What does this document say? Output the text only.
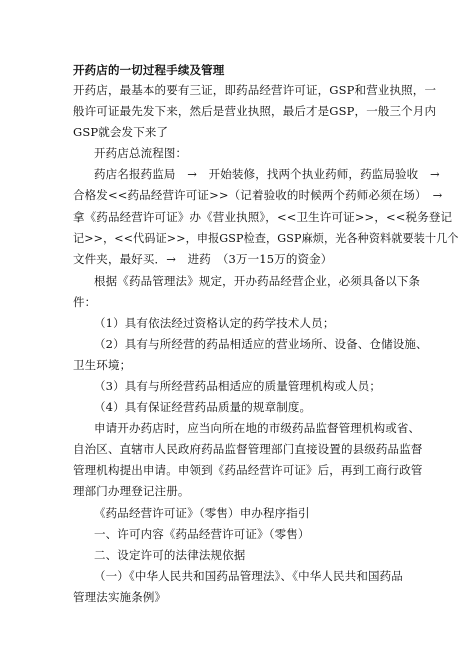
开药店的一切过程手续及管理
开药店，最基本的要有三证，即药品经营许可证，GSP和营业执照，一
般许可证最先发下来，然后是营业执照，最后才是GSP，一般三个月内
GSP就会发下来了
开药店总流程图：
药店名报药监局　→　开始装修，找两个执业药师，药监局验收　→
合格发<<药品经营许可证>>（记着验收的时候两个药师必须在场）　→
拿《药品经营许可证》办《营业执照》，<<卫生许可证>>，<<税务登记
记>>，<<代码证>>，申报GSP检查，GSP麻烦，光各种资料就要装十几个
文件夹，最好买．→　进药　（3万一15万的资金）
根据《药品管理法》规定，开办药品经营企业，必须具备以下条
件：
（1）具有依法经过资格认定的药学技术人员；
（2）具有与所经营的药品相适应的营业场所、设备、仓储设施、
卫生环境；
（3）具有与所经营药品相适应的质量管理机构或人员；
（4）具有保证经营药品质量的规章制度。
申请开办药店时，应当向所在地的市级药品监督管理机构或省、
自治区、直辖市人民政府药品监督管理部门直接设置的县级药品监督
管理机构提出申请。申领到《药品经营许可证》后，再到工商行政管
理部门办理登记注册。
《药品经营许可证》（零售）申办程序指引
一、许可内容《药品经营许可证》（零售）
二、设定许可的法律法规依据
（一）《中华人民共和国药品管理法》、《中华人民共和国药品
管理法实施条例》
